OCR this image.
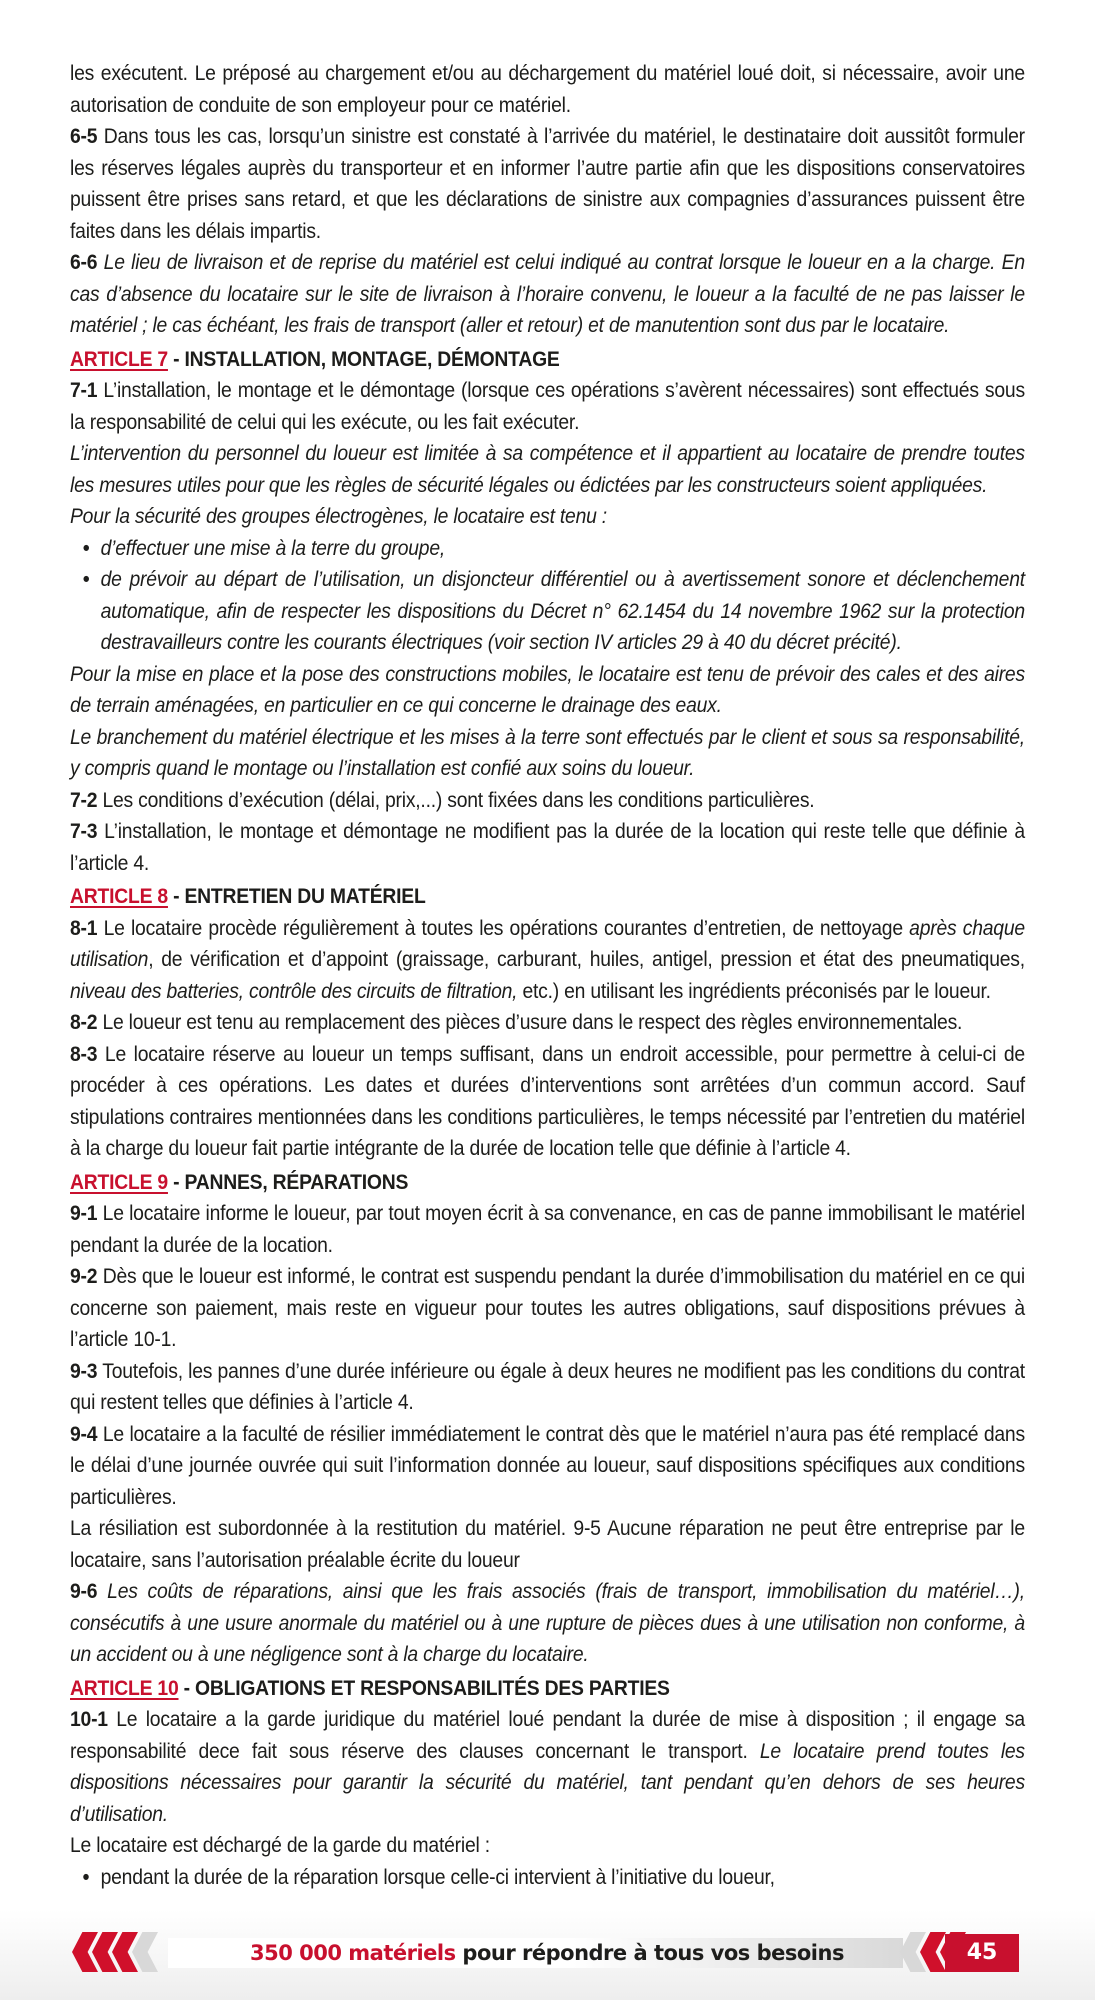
les exécutent. Le préposé au chargement et/ou au déchargement du matériel loué doit, si nécessaire, avoir une autorisation de conduite de son employeur pour ce matériel.

6-5 Dans tous les cas, lorsqu’un sinistre est constaté à l’arrivée du matériel, le destinataire doit aussitôt formuler les réserves légales auprès du transporteur et en informer l’autre partie afin que les dispositions conservatoires puissent être prises sans retard, et que les déclarations de sinistre aux compagnies d’assurances puissent être faites dans les délais impartis.

6-6 Le lieu de livraison et de reprise du matériel est celui indiqué au contrat lorsque le loueur en a la charge. En cas d’absence du locataire sur le site de livraison à l’horaire convenu, le loueur a la faculté de ne pas laisser le matériel ; le cas échéant, les frais de transport (aller et retour) et de manutention sont dus par le locataire.

ARTICLE 7 - INSTALLATION, MONTAGE, DÉMONTAGE

7-1 L’installation, le montage et le démontage (lorsque ces opérations s’avèrent nécessaires) sont effectués sous la responsabilité de celui qui les exécute, ou les fait exécuter.

L’intervention du personnel du loueur est limitée à sa compétence et il appartient au locataire de prendre toutes les mesures utiles pour que les règles de sécurité légales ou édictées par les constructeurs soient appliquées.

Pour la sécurité des groupes électrogènes, le locataire est tenu :

• d’effectuer une mise à la terre du groupe,
• de prévoir au départ de l’utilisation, un disjoncteur différentiel ou à avertissement sonore et déclenchement automatique, afin de respecter les dispositions du Décret n° 62.1454 du 14 novembre 1962 sur la protection destravailleurs contre les courants électriques (voir section IV articles 29 à 40 du décret précité).

Pour la mise en place et la pose des constructions mobiles, le locataire est tenu de prévoir des cales et des aires de terrain aménagées, en particulier en ce qui concerne le drainage des eaux.

Le branchement du matériel électrique et les mises à la terre sont effectués par le client et sous sa responsabilité, y compris quand le montage ou l’installation est confié aux soins du loueur.

7-2 Les conditions d’exécution (délai, prix,...) sont fixées dans les conditions particulières.

7-3 L’installation, le montage et démontage ne modifient pas la durée de la location qui reste telle que définie à l’article 4.

ARTICLE 8 - ENTRETIEN DU MATÉRIEL

8-1 Le locataire procède régulièrement à toutes les opérations courantes d’entretien, de nettoyage après chaque utilisation, de vérification et d’appoint (graissage, carburant, huiles, antigel, pression et état des pneumatiques, niveau des batteries, contrôle des circuits de filtration, etc.) en utilisant les ingrédients préconisés par le loueur.

8-2 Le loueur est tenu au remplacement des pièces d’usure dans le respect des règles environnementales.

8-3 Le locataire réserve au loueur un temps suffisant, dans un endroit accessible, pour permettre à celui-ci de procéder à ces opérations. Les dates et durées d’interventions sont arrêtées d’un commun accord. Sauf stipulations contraires mentionnées dans les conditions particulières, le temps nécessité par l’entretien du matériel à la charge du loueur fait partie intégrante de la durée de location telle que définie à l’article 4.

ARTICLE 9 - PANNES, RÉPARATIONS

9-1 Le locataire informe le loueur, par tout moyen écrit à sa convenance, en cas de panne immobilisant le matériel pendant la durée de la location.

9-2 Dès que le loueur est informé, le contrat est suspendu pendant la durée d’immobilisation du matériel en ce qui concerne son paiement, mais reste en vigueur pour toutes les autres obligations, sauf dispositions prévues à l’article 10-1.

9-3 Toutefois, les pannes d’une durée inférieure ou égale à deux heures ne modifient pas les conditions du contrat qui restent telles que définies à l’article 4.

9-4 Le locataire a la faculté de résilier immédiatement le contrat dès que le matériel n’aura pas été remplacé dans le délai d’une journée ouvrée qui suit l’information donnée au loueur, sauf dispositions spécifiques aux conditions particulières.

La résiliation est subordonnée à la restitution du matériel. 9-5 Aucune réparation ne peut être entreprise par le locataire, sans l’autorisation préalable écrite du loueur

9-6 Les coûts de réparations, ainsi que les frais associés (frais de transport, immobilisation du matériel…), consécutifs à une usure anormale du matériel ou à une rupture de pièces dues à une utilisation non conforme, à un accident ou à une négligence sont à la charge du locataire.

ARTICLE 10 - OBLIGATIONS ET RESPONSABILITÉS DES PARTIES

10-1 Le locataire a la garde juridique du matériel loué pendant la durée de mise à disposition ; il engage sa responsabilité dece fait sous réserve des clauses concernant le transport. Le locataire prend toutes les dispositions nécessaires pour garantir la sécurité du matériel, tant pendant qu’en dehors de ses heures d’utilisation.

Le locataire est déchargé de la garde du matériel :

• pendant la durée de la réparation lorsque celle-ci intervient à l’initiative du loueur,
350 000 matériels pour répondre à tous vos besoins	45
